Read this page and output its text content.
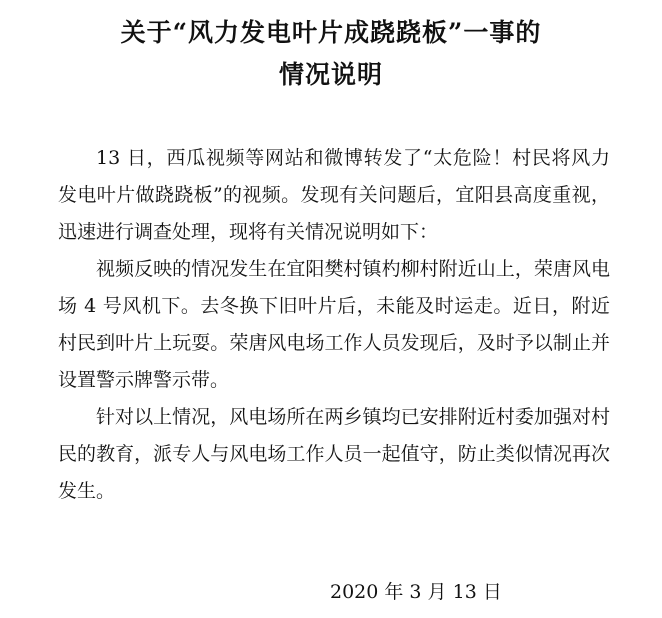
关于“风力发电叶片成跷跷板”一事的
情况说明

13 日，西瓜视频等网站和微博转发了“太危险！村民将风力发电叶片做跷跷板”的视频。发现有关问题后，宜阳县高度重视，迅速进行调查处理，现将有关情况说明如下：

视频反映的情况发生在宜阳樊村镇杓柳村附近山上，荣唐风电场 4 号风机下。去冬换下旧叶片后，未能及时运走。近日，附近村民到叶片上玩耍。荣唐风电场工作人员发现后，及时予以制止并设置警示牌警示带。

针对以上情况，风电场所在两乡镇均已安排附近村委加强对村民的教育，派专人与风电场工作人员一起值守，防止类似情况再次发生。

2020 年 3 月 13 日
